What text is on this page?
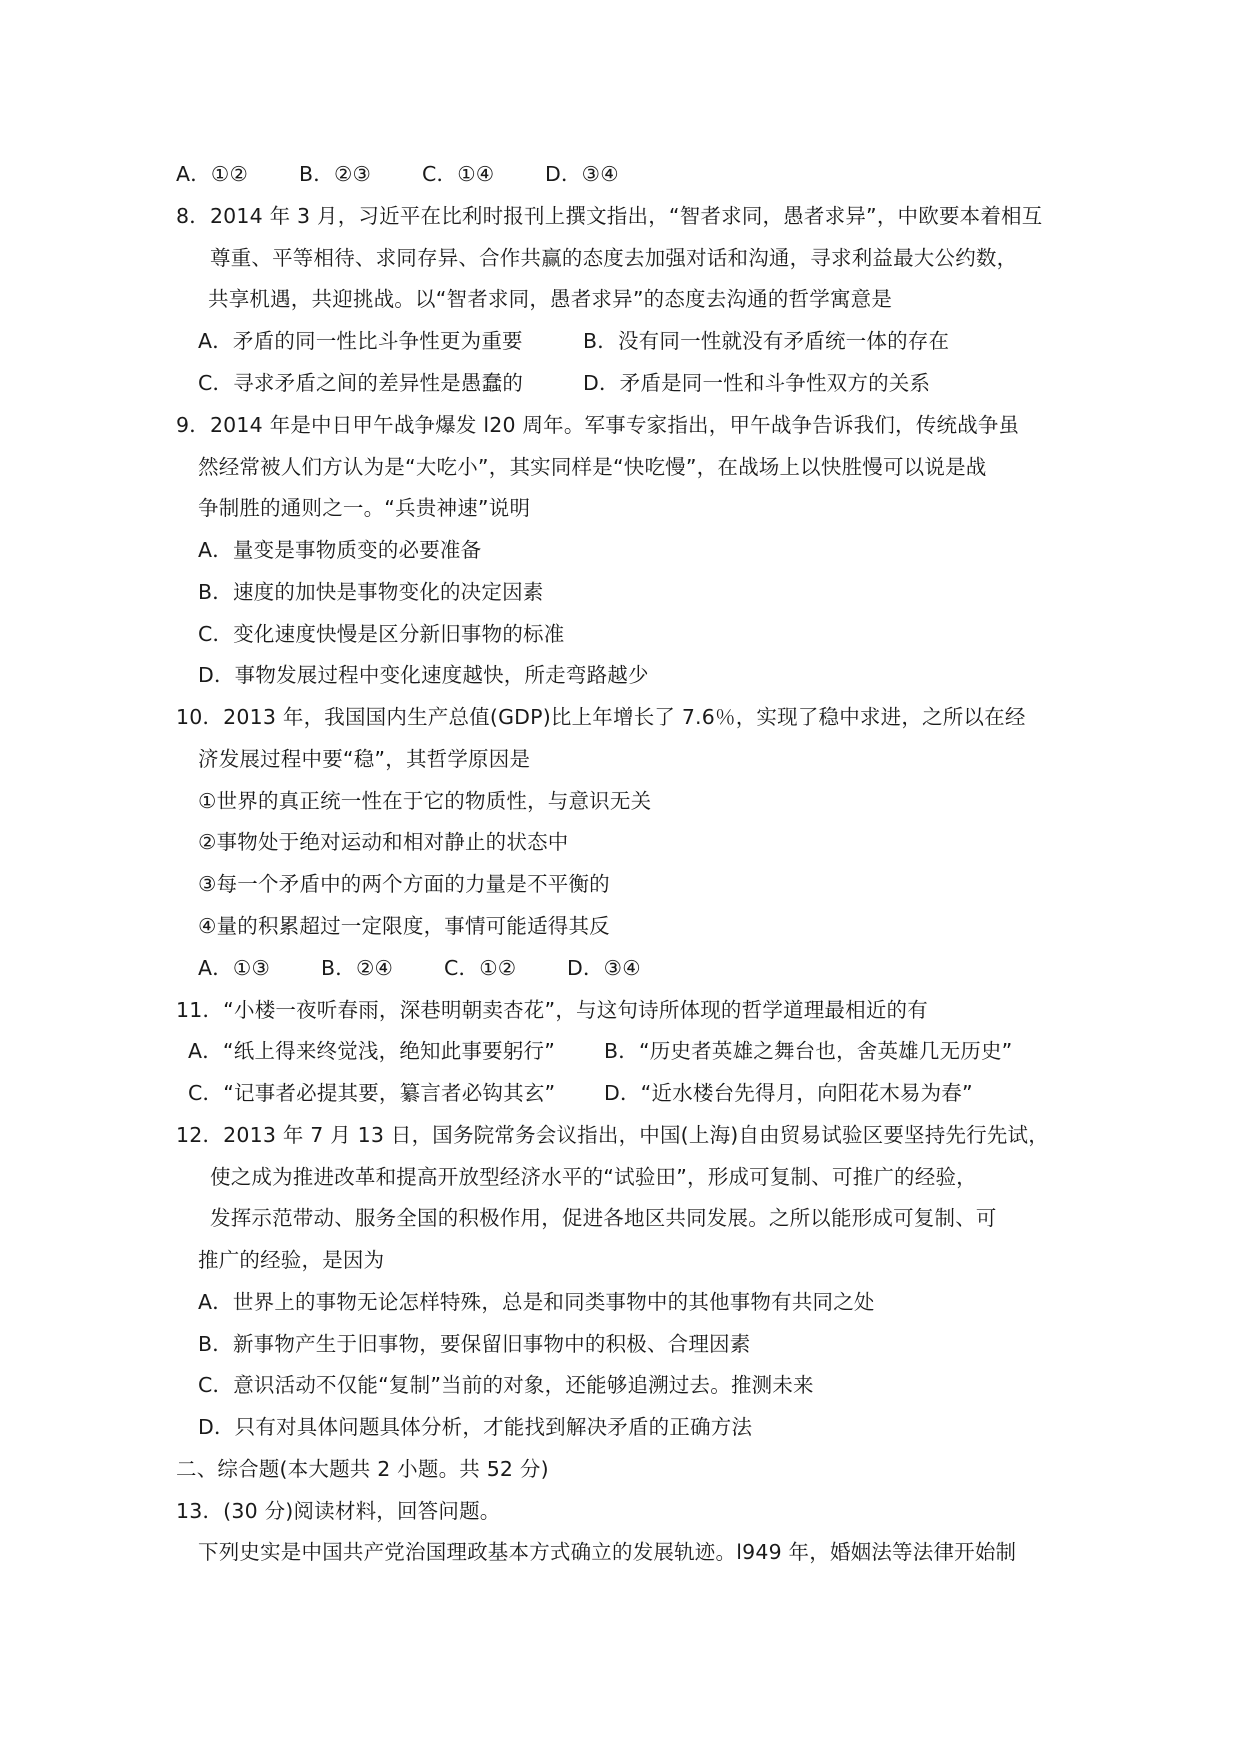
A．①② B．②③ C．①④ D．③④
8．2014 年 3 月，习近平在比利时报刊上撰文指出，“智者求同，愚者求异”，中欧要本着相互
尊重、平等相待、求同存异、合作共赢的态度去加强对话和沟通，寻求利益最大公约数，
共享机遇，共迎挑战。以“智者求同，愚者求异”的态度去沟通的哲学寓意是
A．矛盾的同一性比斗争性更为重要	B．没有同一性就没有矛盾统一体的存在
C．寻求矛盾之间的差异性是愚蠢的	D．矛盾是同一性和斗争性双方的关系
9．2014 年是中日甲午战争爆发 l20 周年。军事专家指出，甲午战争告诉我们，传统战争虽
然经常被人们方认为是“大吃小”，其实同样是“快吃慢”，在战场上以快胜慢可以说是战
争制胜的通则之一。“兵贵神速”说明
A．量变是事物质变的必要准备
B．速度的加快是事物变化的决定因素
C．变化速度快慢是区分新旧事物的标准
D．事物发展过程中变化速度越快，所走弯路越少
10．2013 年，我国国内生产总值(GDP)比上年增长了 7.6％，实现了稳中求进，之所以在经
济发展过程中要“稳”，其哲学原因是
①世界的真正统一性在于它的物质性，与意识无关
②事物处于绝对运动和相对静止的状态中
③每一个矛盾中的两个方面的力量是不平衡的
④量的积累超过一定限度，事情可能适得其反
A．①③ B．②④ C．①② D．③④
11．“小楼一夜听春雨，深巷明朝卖杏花”，与这句诗所体现的哲学道理最相近的有
A．“纸上得来终觉浅，绝知此事要躬行” B．“历史者英雄之舞台也，舍英雄几无历史”
C．“记事者必提其要，纂言者必钩其玄” D．“近水楼台先得月，向阳花木易为春”
12．2013 年 7 月 13 日，国务院常务会议指出，中国(上海)自由贸易试验区要坚持先行先试，
使之成为推进改革和提高开放型经济水平的“试验田”，形成可复制、可推广的经验，
发挥示范带动、服务全国的积极作用，促进各地区共同发展。之所以能形成可复制、可
推广的经验，是因为
A．世界上的事物无论怎样特殊，总是和同类事物中的其他事物有共同之处
B．新事物产生于旧事物，要保留旧事物中的积极、合理因素
C．意识活动不仅能“复制”当前的对象，还能够追溯过去。推测未来
D．只有对具体问题具体分析，才能找到解决矛盾的正确方法
二、综合题(本大题共 2 小题。共 52 分)
13．(30 分)阅读材料，回答问题。
下列史实是中国共产党治国理政基本方式确立的发展轨迹。l949 年，婚姻法等法律开始制
